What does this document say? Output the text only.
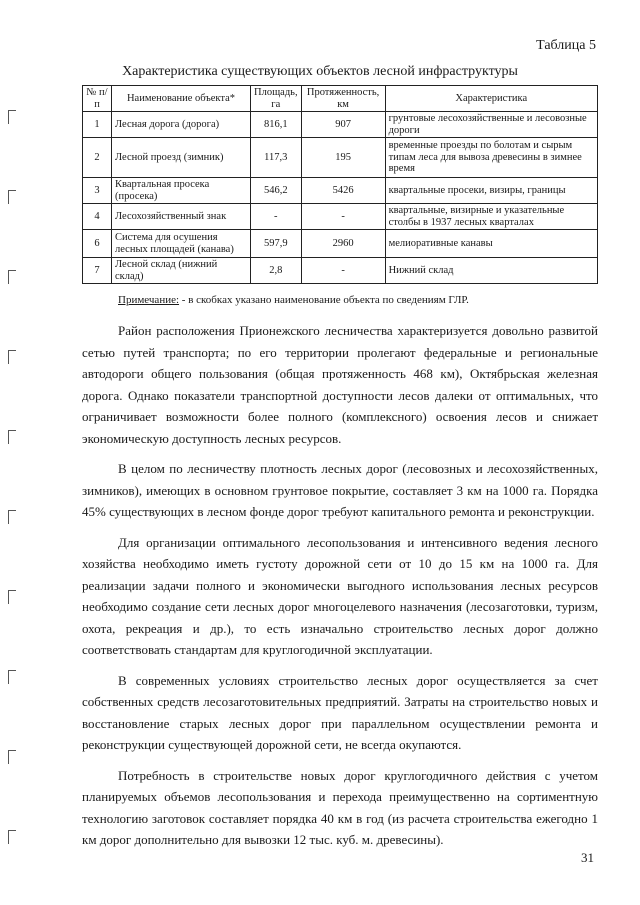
Таблица 5
Характеристика существующих объектов лесной инфраструктуры
№ п/п	Наименование объекта*	Площадь, га	Протяженность, км	Характеристика
1	Лесная дорога (дорога)	816,1	907	грунтовые лесохозяйственные и лесовозные дороги
2	Лесной проезд (зимник)	117,3	195	временные проезды по болотам и сырым типам леса для вывоза древесины в зимнее время
3	Квартальная просека (просека)	546,2	5426	квартальные просеки, визиры, границы
4	Лесохозяйственный знак	-	-	квартальные, визирные и указательные столбы в 1937 лесных кварталах
6	Система для осушения лесных площадей (канава)	597,9	2960	мелиоративные канавы
7	Лесной склад (нижний склад)	2,8	-	Нижний склад
Примечание: - в скобках указано наименование объекта по сведениям ГЛР.

Район расположения Прионежского лесничества характеризуется довольно развитой сетью путей транспорта; по его территории пролегают федеральные и региональные автодороги общего пользования (общая протяженность 468 км), Октябрьская железная дорога. Однако показатели транспортной доступности лесов далеки от оптимальных, что ограничивает возможности более полного (комплексного) освоения лесов и снижает экономическую доступность лесных ресурсов.

В целом по лесничеству плотность лесных дорог (лесовозных и лесохозяйственных, зимников), имеющих в основном грунтовое покрытие, составляет 3 км на 1000 га. Порядка 45% существующих в лесном фонде дорог требуют капитального ремонта и реконструкции.

Для организации оптимального лесопользования и интенсивного ведения лесного хозяйства необходимо иметь густоту дорожной сети от 10 до 15 км на 1000 га. Для реализации задачи полного и экономически выгодного использования лесных ресурсов необходимо создание сети лесных дорог многоцелевого назначения (лесозаготовки, туризм, охота, рекреация и др.), то есть изначально строительство лесных дорог должно соответствовать стандартам для круглогодичной эксплуатации.

В современных условиях строительство лесных дорог осуществляется за счет собственных средств лесозаготовительных предприятий. Затраты на строительство новых и восстановление старых лесных дорог при параллельном осуществлении ремонта и реконструкции существующей дорожной сети, не всегда окупаются.

Потребность в строительстве новых дорог круглогодичного действия с учетом планируемых объемов лесопользования и перехода преимущественно на сортиментную технологию заготовок составляет порядка 40 км в год (из расчета строительства ежегодно 1 км дорог дополнительно для вывозки 12 тыс. куб. м. древесины).

31
